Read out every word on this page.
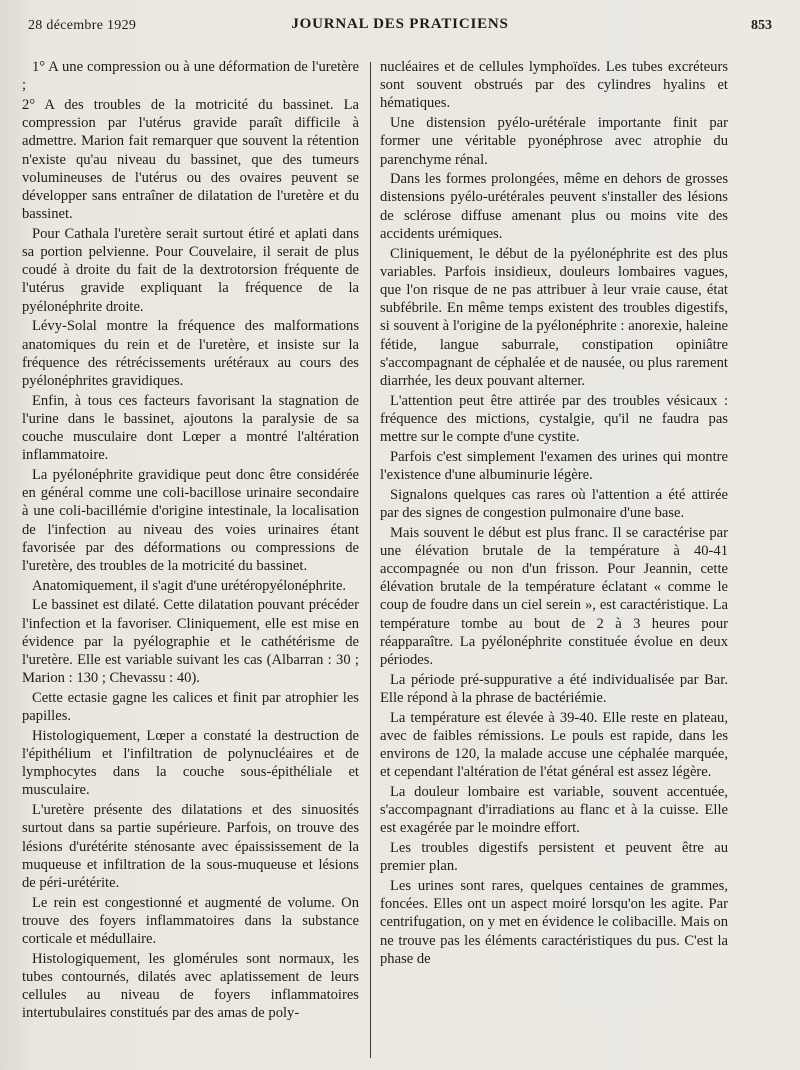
28 décembre 1929	JOURNAL DES PRATICIENS	853

1° A une compression ou à une déformation de l'uretère ;

2° A des troubles de la motricité du bassinet. La compression par l'utérus gravide paraît difficile à admettre. Marion fait remarquer que souvent la rétention n'existe qu'au niveau du bassinet, que des tumeurs volumineuses de l'utérus ou des ovaires peuvent se développer sans entraîner de dilatation de l'uretère et du bassinet.

Pour Cathala l'uretère serait surtout étiré et aplati dans sa portion pelvienne. Pour Couvelaire, il serait de plus coudé à droite du fait de la dextrotorsion fréquente de l'utérus gravide expliquant la fréquence de la pyélonéphrite droite.

Lévy-Solal montre la fréquence des malformations anatomiques du rein et de l'uretère, et insiste sur la fréquence des rétrécissements urétéraux au cours des pyélonéphrites gravidiques.

Enfin, à tous ces facteurs favorisant la stagnation de l'urine dans le bassinet, ajoutons la paralysie de sa couche musculaire dont Lœper a montré l'altération inflammatoire.

La pyélonéphrite gravidique peut donc être considérée en général comme une coli-bacillose urinaire secondaire à une coli-bacillémie d'origine intestinale, la localisation de l'infection au niveau des voies urinaires étant favorisée par des déformations ou compressions de l'uretère, des troubles de la motricité du bassinet.

Anatomiquement, il s'agit d'une urétéropyélonéphrite.

Le bassinet est dilaté. Cette dilatation pouvant précéder l'infection et la favoriser. Cliniquement, elle est mise en évidence par la pyélographie et le cathétérisme de l'uretère. Elle est variable suivant les cas (Albarran : 30 ; Marion : 130 ; Chevassu : 40).

Cette ectasie gagne les calices et finit par atrophier les papilles.

Histologiquement, Lœper a constaté la destruction de l'épithélium et l'infiltration de polynucléaires et de lymphocytes dans la couche sous-épithéliale et musculaire.

L'uretère présente des dilatations et des sinuosités surtout dans sa partie supérieure. Parfois, on trouve des lésions d'urétérite sténosante avec épaississement de la muqueuse et infiltration de la sous-muqueuse et lésions de péri-urétérite.

Le rein est congestionné et augmenté de volume. On trouve des foyers inflammatoires dans la substance corticale et médullaire.

Histologiquement, les glomérules sont normaux, les tubes contournés, dilatés avec aplatissement de leurs cellules au niveau de foyers inflammatoires intertubulaires constitués par des amas de poly-

nucléaires et de cellules lymphoïdes. Les tubes excréteurs sont souvent obstrués par des cylindres hyalins et hématiques.

Une distension pyélo-urétérale importante finit par former une véritable pyonéphrose avec atrophie du parenchyme rénal.

Dans les formes prolongées, même en dehors de grosses distensions pyélo-urétérales peuvent s'installer des lésions de sclérose diffuse amenant plus ou moins vite des accidents urémiques.

Cliniquement, le début de la pyélonéphrite est des plus variables. Parfois insidieux, douleurs lombaires vagues, que l'on risque de ne pas attribuer à leur vraie cause, état subfébrile. En même temps existent des troubles digestifs, si souvent à l'origine de la pyélonéphrite : anorexie, haleine fétide, langue saburrale, constipation opiniâtre s'accompagnant de céphalée et de nausée, ou plus rarement diarrhée, les deux pouvant alterner.

L'attention peut être attirée par des troubles vésicaux : fréquence des mictions, cystalgie, qu'il ne faudra pas mettre sur le compte d'une cystite.

Parfois c'est simplement l'examen des urines qui montre l'existence d'une albuminurie légère.

Signalons quelques cas rares où l'attention a été attirée par des signes de congestion pulmonaire d'une base.

Mais souvent le début est plus franc. Il se caractérise par une élévation brutale de la température à 40-41 accompagnée ou non d'un frisson. Pour Jeannin, cette élévation brutale de la température éclatant « comme le coup de foudre dans un ciel serein », est caractéristique. La température tombe au bout de 2 à 3 heures pour réapparaître. La pyélonéphrite constituée évolue en deux périodes.

La période pré-suppurative a été individualisée par Bar. Elle répond à la phrase de bactériémie.

La température est élevée à 39-40. Elle reste en plateau, avec de faibles rémissions. Le pouls est rapide, dans les environs de 120, la malade accuse une céphalée marquée, et cependant l'altération de l'état général est assez légère.

La douleur lombaire est variable, souvent accentuée, s'accompagnant d'irradiations au flanc et à la cuisse. Elle est exagérée par le moindre effort.

Les troubles digestifs persistent et peuvent être au premier plan.

Les urines sont rares, quelques centaines de grammes, foncées. Elles ont un aspect moiré lorsqu'on les agite. Par centrifugation, on y met en évidence le colibacille. Mais on ne trouve pas les éléments caractéristiques du pus. C'est la phase de
